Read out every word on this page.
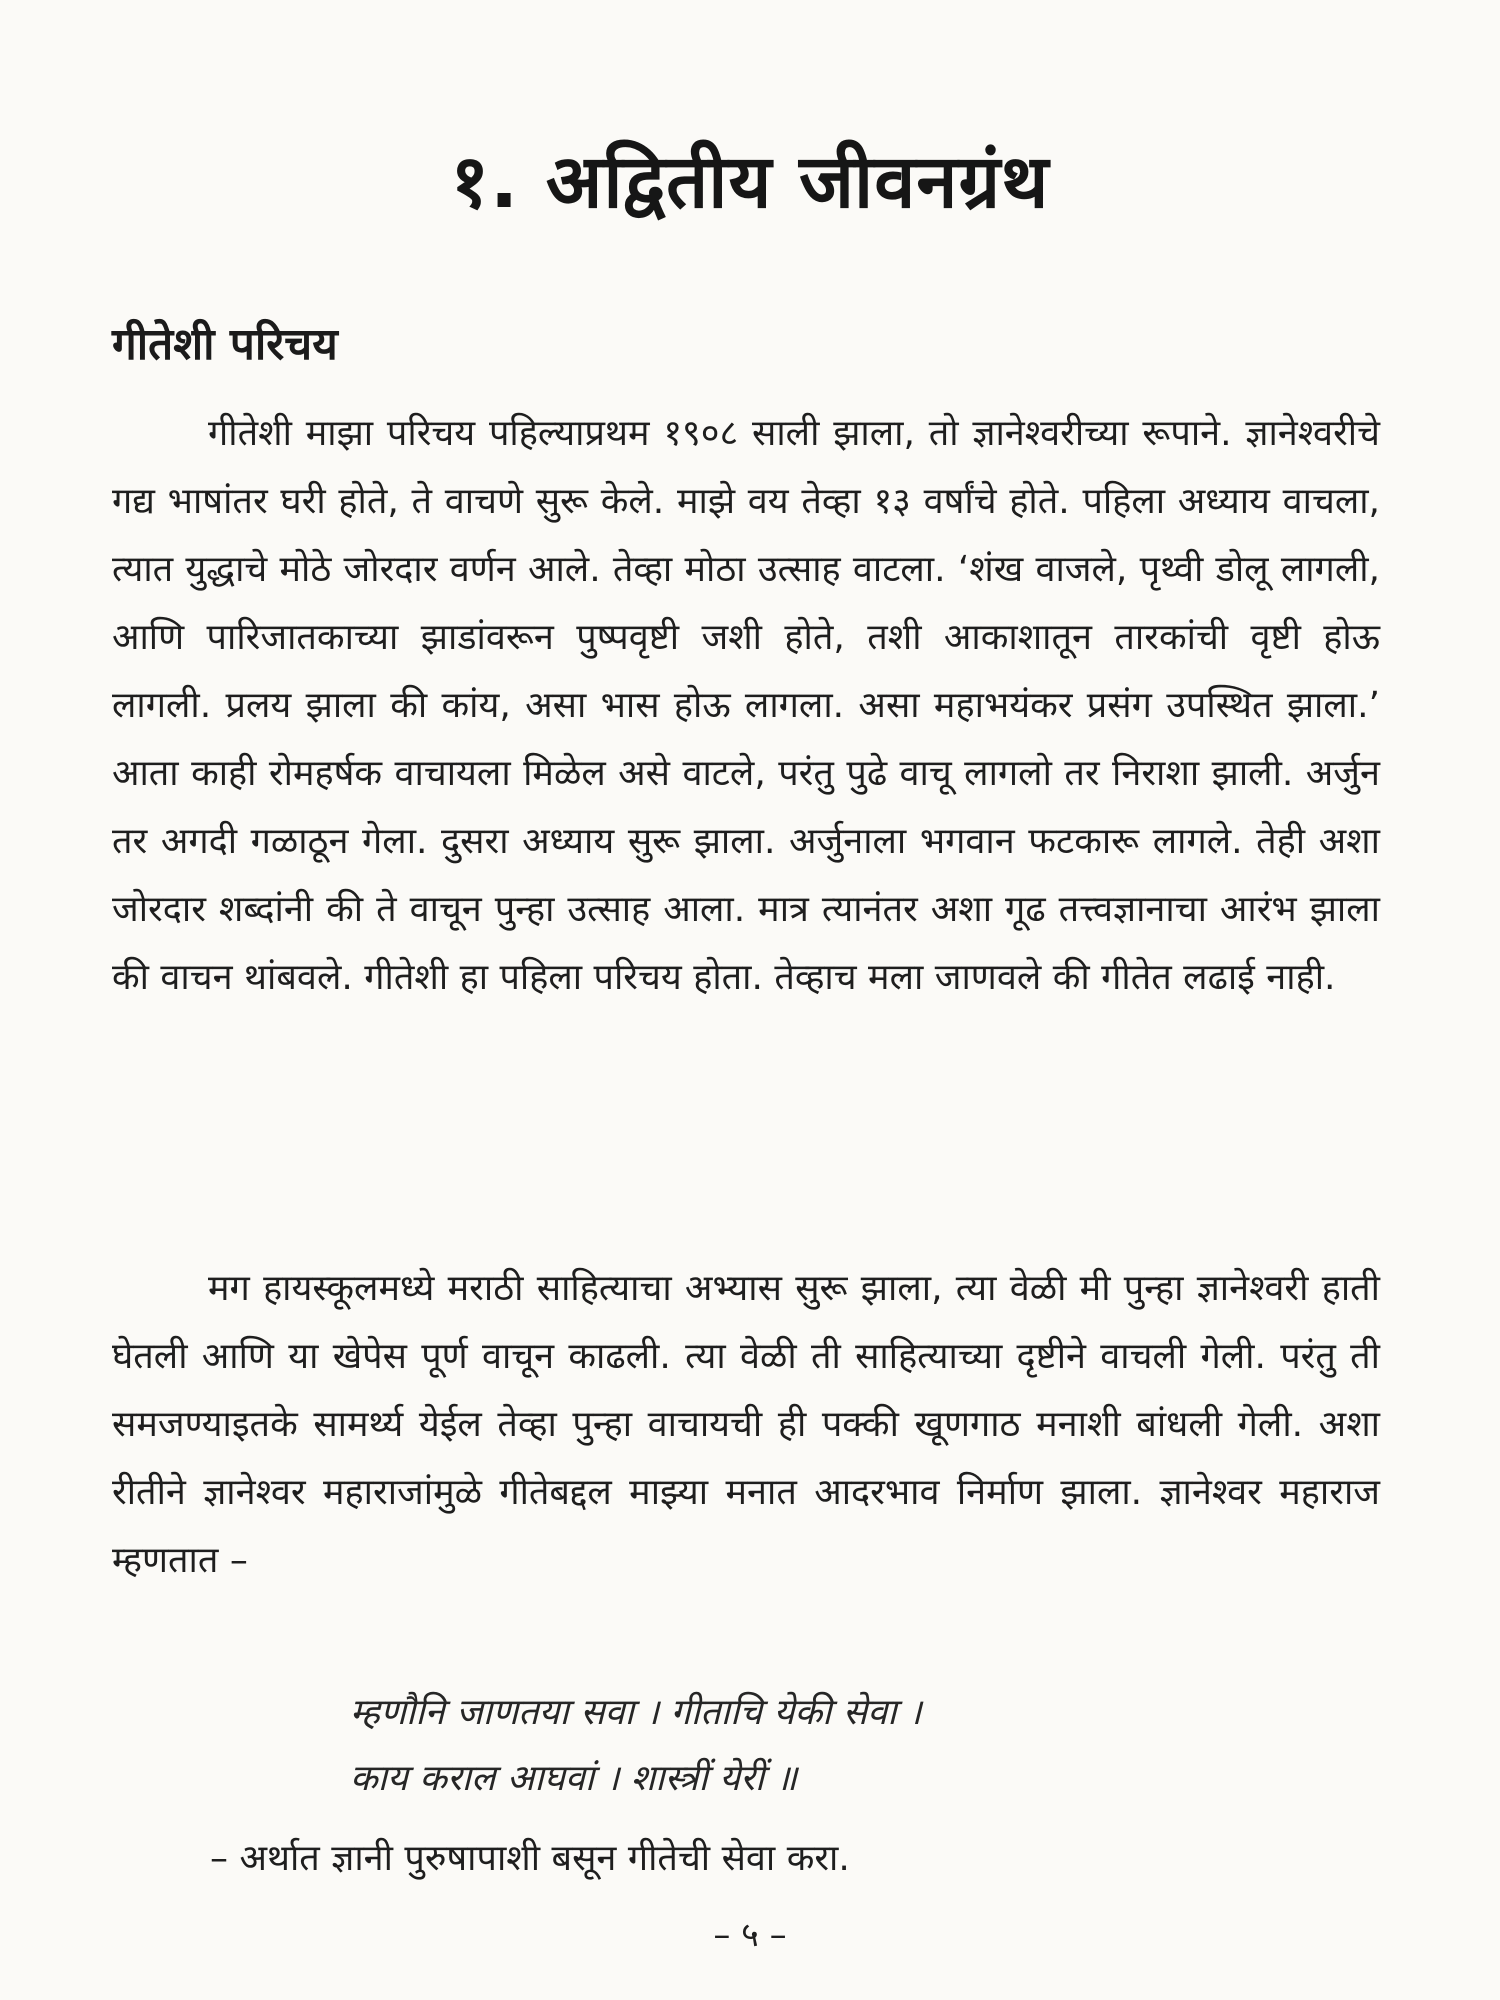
१. अद्वितीय जीवनग्रंथ
गीतेशी परिचय

गीतेशी माझा परिचय पहिल्याप्रथम १९०८ साली झाला, तो ज्ञानेश्वरीच्या रूपाने. ज्ञानेश्वरीचे गद्य भाषांतर घरी होते, ते वाचणे सुरू केले. माझे वय तेव्हा १३ वर्षांचे होते. पहिला अध्याय वाचला, त्यात युद्धाचे मोठे जोरदार वर्णन आले. तेव्हा मोठा उत्साह वाटला. ‘शंख वाजले, पृथ्वी डोलू लागली, आणि पारिजातकाच्या झाडांवरून पुष्पवृष्टी जशी होते, तशी आकाशातून तारकांची वृष्टी होऊ लागली. प्रलय झाला की कांय, असा भास होऊ लागला. असा महाभयंकर प्रसंग उपस्थित झाला.’ आता काही रोमहर्षक वाचायला मिळेल असे वाटले, परंतु पुढे वाचू लागलो तर निराशा झाली. अर्जुन तर अगदी गळाठून गेला. दुसरा अध्याय सुरू झाला. अर्जुनाला भगवान फटकारू लागले. तेही अशा जोरदार शब्दांनी की ते वाचून पुन्हा उत्साह आला. मात्र त्यानंतर अशा गूढ तत्त्वज्ञानाचा आरंभ झाला की वाचन थांबवले. गीतेशी हा पहिला परिचय होता. तेव्हाच मला जाणवले की गीतेत लढाई नाही.

मग हायस्कूलमध्ये मराठी साहित्याचा अभ्यास सुरू झाला, त्या वेळी मी पुन्हा ज्ञानेश्वरी हाती घेतली आणि या खेपेस पूर्ण वाचून काढली. त्या वेळी ती साहित्याच्या दृष्टीने वाचली गेली. परंतु ती समजण्याइतके सामर्थ्य येईल तेव्हा पुन्हा वाचायची ही पक्की खूणगाठ मनाशी बांधली गेली. अशा रीतीने ज्ञानेश्वर महाराजांमुळे गीतेबद्दल माझ्या मनात आदरभाव निर्माण झाला. ज्ञानेश्वर महाराज म्हणतात –

म्हणौनि जाणतया सवा । गीताचि येकी सेवा ।

काय कराल आघवां । शास्त्रीं येरीं ॥

– अर्थात ज्ञानी पुरुषापाशी बसून गीतेची सेवा करा.

– ५ –
